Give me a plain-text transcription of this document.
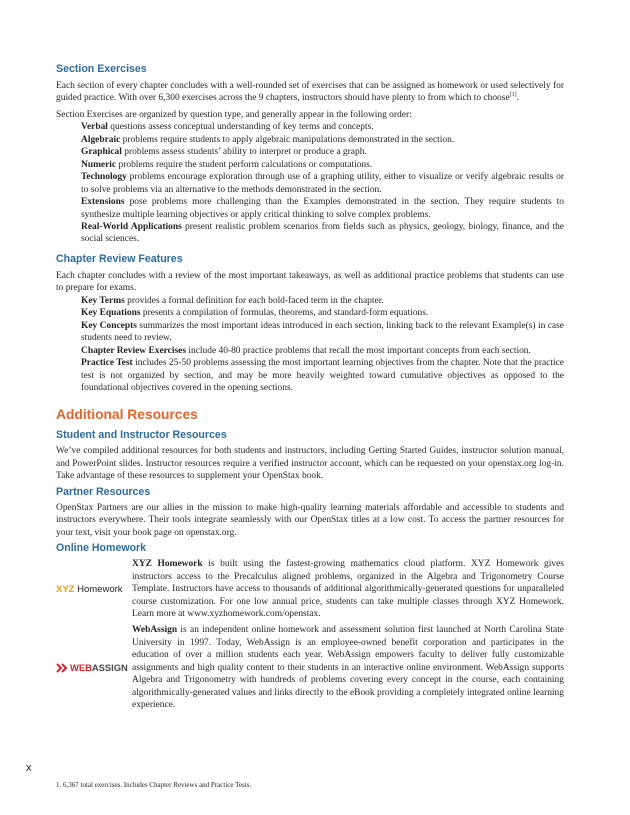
Section Exercises

Each section of every chapter concludes with a well-rounded set of exercises that can be assigned as homework or used selectively for guided practice. With over 6,300 exercises across the 9 chapters, instructors should have plenty to from which to choose[1].

Section Exercises are organized by question type, and generally appear in the following order:

Verbal questions assess conceptual understanding of key terms and concepts.
Algebraic problems require students to apply algebraic manipulations demonstrated in the section.
Graphical problems assess students’ ability to interpret or produce a graph.
Numeric problems require the student perform calculations or computations.
Technology problems encourage exploration through use of a graphing utility, either to visualize or verify algebraic results or to solve problems via an alternative to the methods demonstrated in the section.
Extensions pose problems more challenging than the Examples demonstrated in the section. They require students to synthesize multiple learning objectives or apply critical thinking to solve complex problems.
Real-World Applications present realistic problem scenarios from fields such as physics, geology, biology, finance, and the social sciences.
Chapter Review Features

Each chapter concludes with a review of the most important takeaways, as well as additional practice problems that students can use to prepare for exams.

Key Terms provides a formal definition for each bold-faced term in the chapter.
Key Equations presents a compilation of formulas, theorems, and standard-form equations.
Key Concepts summarizes the most important ideas introduced in each section, linking back to the relevant Example(s) in case students need to review.
Chapter Review Exercises include 40-80 practice problems that recall the most important concepts from each section.
Practice Test includes 25-50 problems assessing the most important learning objectives from the chapter. Note that the practice test is not organized by section, and may be more heavily weighted toward cumulative objectives as opposed to the foundational objectives covered in the opening sections.
Additional Resources
Student and Instructor Resources

We’ve compiled additional resources for both students and instructors, including Getting Started Guides, instructor solution manual, and PowerPoint slides. Instructor resources require a verified instructor account, which can be requested on your openstax.org log-in. Take advantage of these resources to supplement your OpenStax book.

Partner Resources

OpenStax Partners are our allies in the mission to make high-quality learning materials affordable and accessible to students and instructors everywhere. Their tools integrate seamlessly with our OpenStax titles at a low cost. To access the partner resources for your text, visit your book page on openstax.org.

Online Homework
XYZ Homework

XYZ Homework is built using the fastest-growing mathematics cloud platform. XYZ Homework gives instructors access to the Precalculus aligned problems, organized in the Algebra and Trigonometry Course Template. Instructors have access to thousands of additional algorithmically-generated questions for unparalleled course customization. For one low annual price, students can take multiple classes through XYZ Homework. Learn more at www.xyzhomework.com/openstax.

WEB ASSIGN

WebAssign is an independent online homework and assessment solution first launched at North Carolina State University in 1997. Today, WebAssign is an employee-owned benefit corporation and participates in the education of over a million students each year. WebAssign empowers faculty to deliver fully customizable assignments and high quality content to their students in an interactive online environment. WebAssign supports Algebra and Trigonometry with hundreds of problems covering every concept in the course, each containing algorithmically-generated values and links directly to the eBook providing a completely integrated online learning experience.

x
1. 6,367 total exercises. Includes Chapter Reviews and Practice Tests.
